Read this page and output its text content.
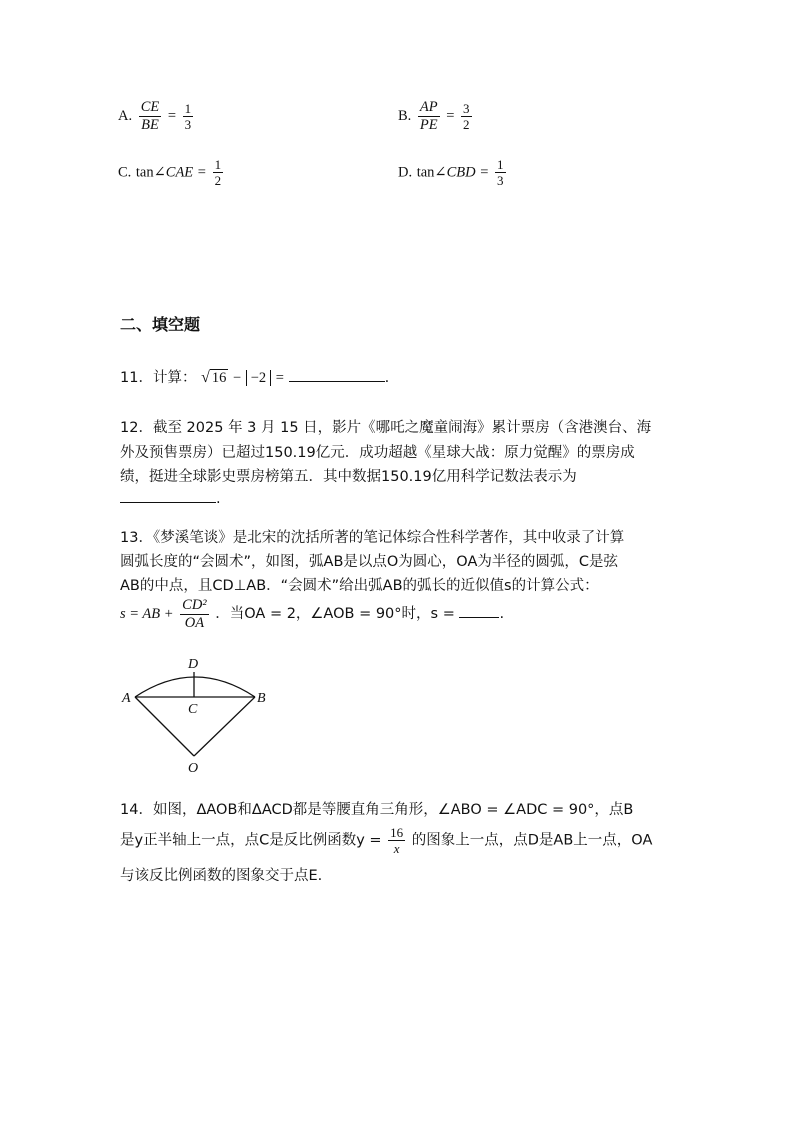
A. $\frac{CE}{BE} = \frac{1}{3}$	B. $\frac{AP}{PE} = \frac{3}{2}$
C. tan∠CAE = $\frac{1}{2}$	D. tan∠CBD = $\frac{1}{3}$
二、填空题
11．计算： √ 16 − −2 =	.
12．截至 2025 年 3 月 15 日，影片《哪吒之魔童闹海》累计票房（含港澳台、海
外及预售票房）已超过150.19亿元．成功超越《星球大战：原力觉醒》的票房成
绩，挺进全球影史票房榜第五．其中数据150.19亿用科学记数法表示为
.
13．《梦溪笔谈》是北宋的沈括所著的笔记体综合性科学著作，其中收录了计算
圆弧长度的“会圆术”，如图，弧AB是以点O为圆心，OA为半径的圆弧，C是弦
AB的中点，且CD⊥AB．“会圆术”给出弧AB的弧长的近似值s的计算公式：
s = AB + $\frac{\text{CD²}}{OA}$ ．当OA = 2，∠AOB = 90°时，s =	.
D
A	B
C
O
14．如图，ΔAOB和ΔACD都是等腰直角三角形，∠ABO = ∠ADC = 90°，点B
是y正半轴上一点，点C是反比例函数$y = \frac{16}{x}$ 的图象上一点，点D是AB上一点，OA
与该反比例函数的图象交于点E.
